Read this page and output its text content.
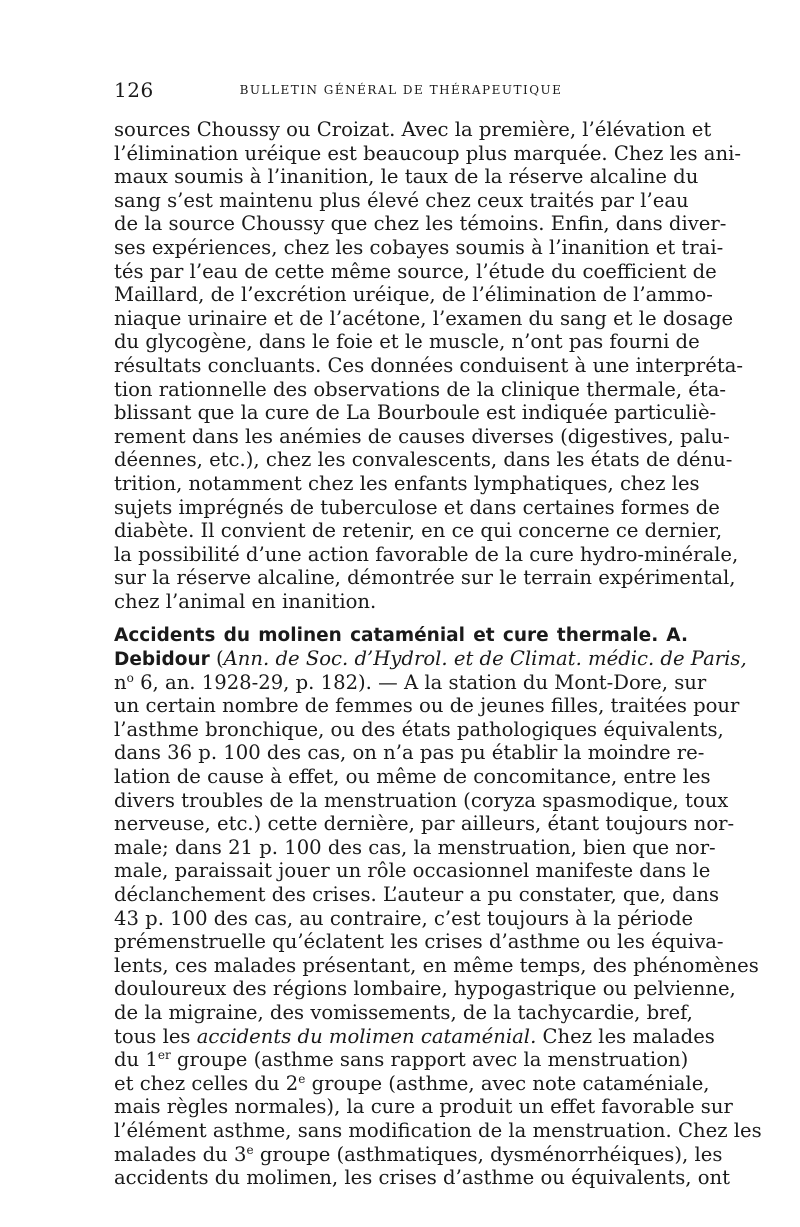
126	BULLETIN GÉNÉRAL DE THÉRAPEUTIQUE
sources Choussy ou Croizat. Avec la première, l’élévation et
l’élimination uréique est beaucoup plus marquée. Chez les ani-
maux soumis à l’inanition, le taux de la réserve alcaline du
sang s’est maintenu plus élevé chez ceux traités par l’eau
de la source Choussy que chez les témoins. Enfin, dans diver-
ses expériences, chez les cobayes soumis à l’inanition et trai-
tés par l’eau de cette même source, l’étude du coefficient de
Maillard, de l’excrétion uréique, de l’élimination de l’ammo-
niaque urinaire et de l’acétone, l’examen du sang et le dosage
du glycogène, dans le foie et le muscle, n’ont pas fourni de
résultats concluants. Ces données conduisent à une interpréta-
tion rationnelle des observations de la clinique thermale, éta-
blissant que la cure de La Bourboule est indiquée particuliè-
rement dans les anémies de causes diverses (digestives, palu-
déennes, etc.), chez les convalescents, dans les états de dénu-
trition, notamment chez les enfants lymphatiques, chez les
sujets imprégnés de tuberculose et dans certaines formes de
diabète. Il convient de retenir, en ce qui concerne ce dernier,
la possibilité d’une action favorable de la cure hydro-minérale,
sur la réserve alcaline, démontrée sur le terrain expérimental,
chez l’animal en inanition.
Accidents du molinen cataménial et cure thermale. A.
Debidour (Ann. de Soc. d’Hydrol. et de Climat. médic. de Paris,
$n^o$ 6, an. 1928-29, p. 182). — A la station du Mont-Dore, sur
un certain nombre de femmes ou de jeunes filles, traitées pour
l’asthme bronchique, ou des états pathologiques équivalents,
dans 36 p. 100 des cas, on n’a pas pu établir la moindre re-
lation de cause à effet, ou même de concomitance, entre les
divers troubles de la menstruation (coryza spasmodique, toux
nerveuse, etc.) cette dernière, par ailleurs, étant toujours nor-
male; dans 21 p. 100 des cas, la menstruation, bien que nor-
male, paraissait jouer un rôle occasionnel manifeste dans le
déclanchement des crises. L’auteur a pu constater, que, dans
43 p. 100 des cas, au contraire, c’est toujours à la période
prémenstruelle qu’éclatent les crises d’asthme ou les équiva-
lents, ces malades présentant, en même temps, des phénomènes
douloureux des régions lombaire, hypogastrique ou pelvienne,
de la migraine, des vomissements, de la tachycardie, bref,
tous les accidents du molimen cataménial. Chez les malades
du 1er groupe (asthme sans rapport avec la menstruation)
et chez celles du 2e groupe (asthme, avec note cataméniale,
mais règles normales), la cure a produit un effet favorable sur
l’élément asthme, sans modification de la menstruation. Chez les
malades du 3e groupe (asthmatiques, dysménorrhéiques), les
accidents du molimen, les crises d’asthme ou équivalents, ont
